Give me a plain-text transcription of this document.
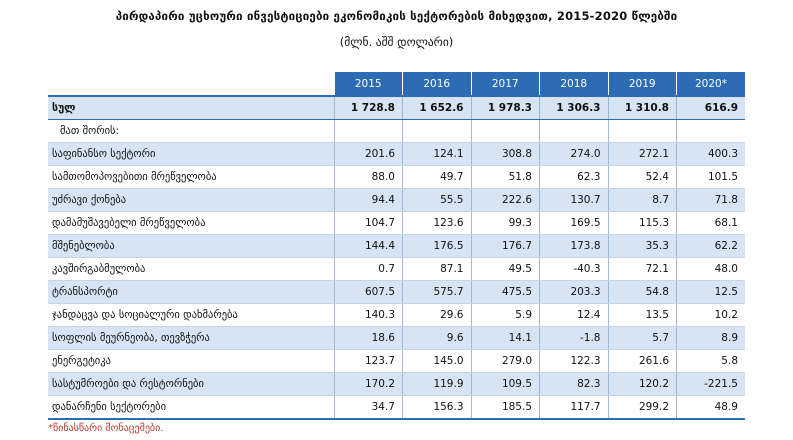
პირდაპირი უცხოური ინვესტიციები ეკონომიკის სექტორების მიხედვით, 2015-2020 წლებში
(მლნ. აშშ დოლარი)
	2015	2016	2017	2018	2019	2020*
სულ	1 728.8	1 652.6	1 978.3	1 306.3	1 310.8	616.9
მათ შორის:						
საფინანსო სექტორი	201.6	124.1	308.8	274.0	272.1	400.3
სამთომოპოვებითი მრეწველობა	88.0	49.7	51.8	62.3	52.4	101.5
უძრავი ქონება	94.4	55.5	222.6	130.7	8.7	71.8
დამამუშავებელი მრეწველობა	104.7	123.6	99.3	169.5	115.3	68.1
მშენებლობა	144.4	176.5	176.7	173.8	35.3	62.2
კავშირგაბმულობა	0.7	87.1	49.5	-40.3	72.1	48.0
ტრანსპორტი	607.5	575.7	475.5	203.3	54.8	12.5
ჯანდაცვა და სოციალური დახმარება	140.3	29.6	5.9	12.4	13.5	10.2
სოფლის მეურნეობა, თევზჭერა	18.6	9.6	14.1	-1.8	5.7	8.9
ენერგეტიკა	123.7	145.0	279.0	122.3	261.6	5.8
სასტუმროები და რესტორნები	170.2	119.9	109.5	82.3	120.2	-221.5
დანარჩენი სექტორები	34.7	156.3	185.5	117.7	299.2	48.9
*წინასწარი მონაცემები.
